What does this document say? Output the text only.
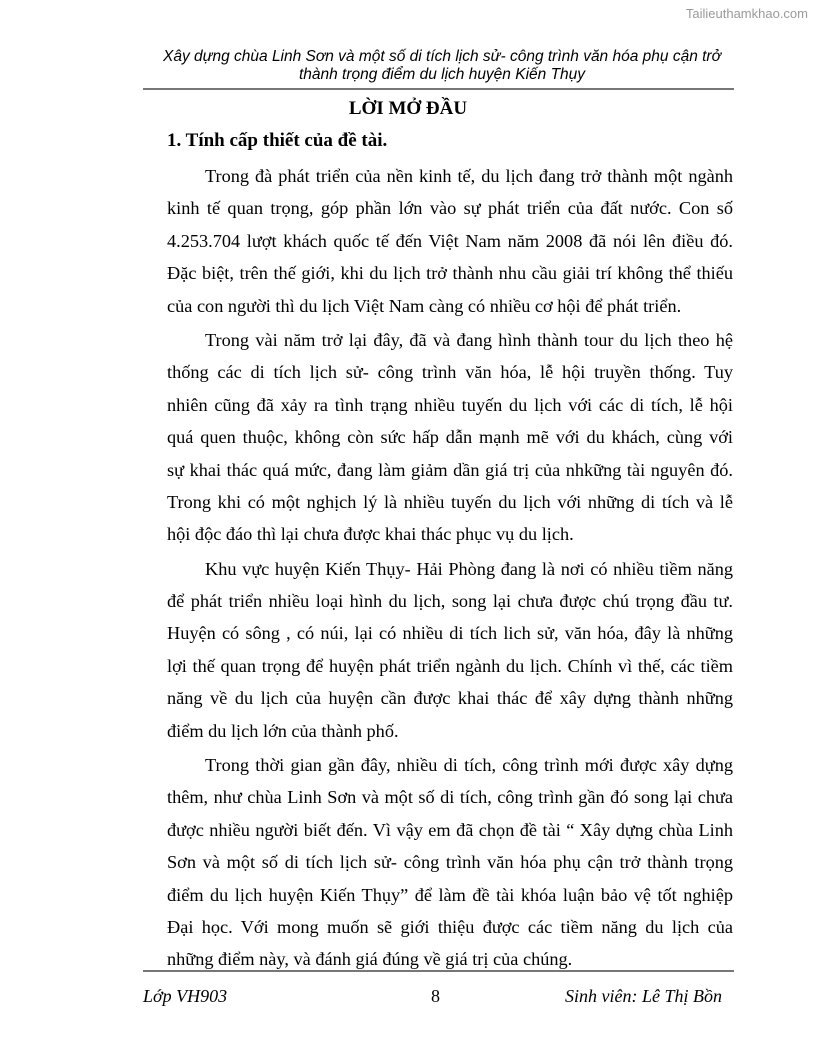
Tailieuthamkhao.com
Xây dựng chùa Linh Sơn và một số di tích lịch sử- công trình văn hóa phụ cận trở
thành trọng điểm du lịch huyện Kiến Thụy
LỜI MỞ ĐẦU
1. Tính cấp thiết của đề tài.
Trong đà phát triển của nền kinh tế, du lịch đang trở thành một ngành
kinh tế quan trọng, góp phần lớn vào sự phát triển của đất nước. Con số
4.253.704 lượt khách quốc tế đến Việt Nam năm 2008 đã nói lên điều đó.
Đặc biệt, trên thế giới, khi du lịch trở thành nhu cầu giải trí không thể thiếu
của con người thì du lịch Việt Nam càng có nhiều cơ hội để phát triển.
Trong vài năm trở lại đây, đã và đang hình thành tour du lịch theo hệ
thống các di tích lịch sử- công trình văn hóa, lễ hội truyền thống. Tuy
nhiên cũng đã xảy ra tình trạng nhiều tuyến du lịch với các di tích, lễ hội
quá quen thuộc, không còn sức hấp dẫn mạnh mẽ với du khách, cùng với
sự khai thác quá mức, đang làm giảm dần giá trị của nhkững tài nguyên đó.
Trong khi có một nghịch lý là nhiều tuyến du lịch với những di tích và lễ
hội độc đáo thì lại chưa được khai thác phục vụ du lịch.
Khu vực huyện Kiến Thụy- Hải Phòng đang là nơi có nhiều tiềm năng
để phát triển nhiều loại hình du lịch, song lại chưa được chú trọng đầu tư.
Huyện có sông , có núi, lại có nhiều di tích lich sử, văn hóa, đây là những
lợi thế quan trọng để huyện phát triển ngành du lịch. Chính vì thế, các tiềm
năng về du lịch của huyện cần được khai thác để xây dựng thành những
điểm du lịch lớn của thành phố.
Trong thời gian gần đây, nhiều di tích, công trình mới được xây dựng
thêm, như chùa Linh Sơn và một số di tích, công trình gần đó song lại chưa
được nhiều người biết đến. Vì vậy em đã chọn đề tài “ Xây dựng chùa Linh
Sơn và một số di tích lịch sử- công trình văn hóa phụ cận trở thành trọng
điểm du lịch huyện Kiến Thụy” để làm đề tài khóa luận bảo vệ tốt nghiệp
Đại học. Với mong muốn sẽ giới thiệu được các tiềm năng du lịch của
những điểm này, và đánh giá đúng về giá trị của chúng.
Lớp VH903	8	Sinh viên: Lê Thị Bồn
